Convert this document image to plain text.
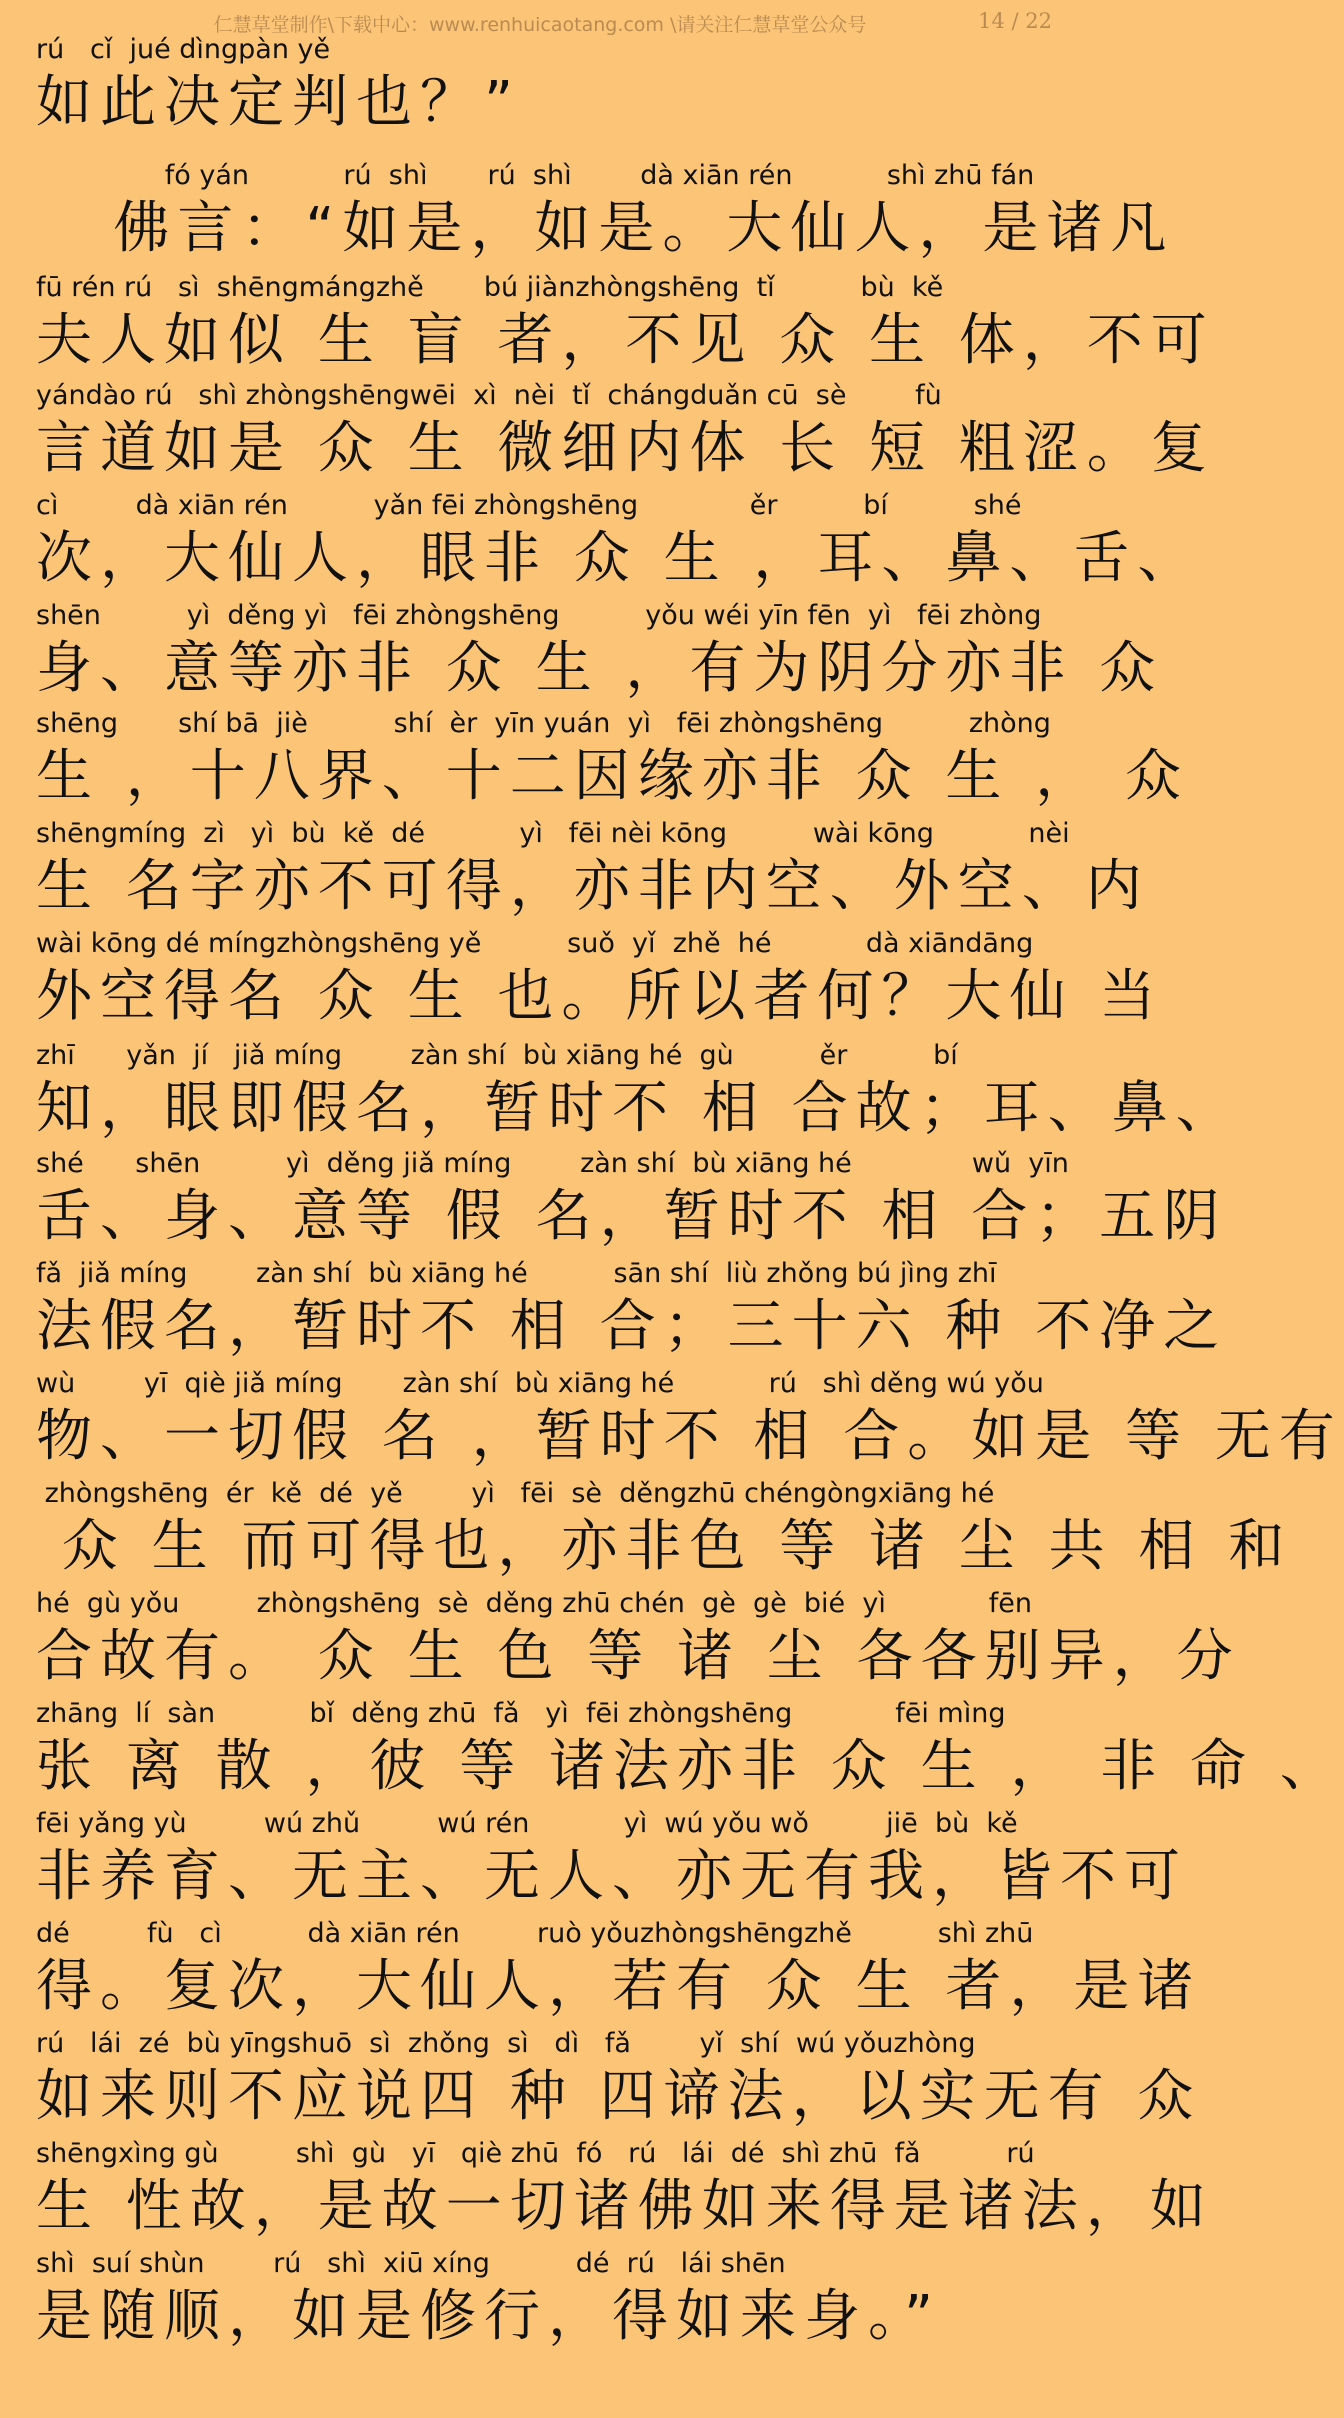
仁慧草堂制作\下载中心：www.renhuicaotang.com \请关注仁慧草堂公众号	14 / 22
rú   cǐ  jué dìngpàn yě
如此决定判也？”
fó yán           rú  shì       rú  shì        dà xiān rén           shì zhū fán
佛言：“如是，如是。大仙人，是诸凡
fū rén rú   sì  shēngmángzhě       bú jiànzhòngshēng  tǐ          bù  kě
夫人如似 生 盲 者，不见 众 生 体，不可
yándào rú   shì zhòngshēngwēi  xì  nèi  tǐ  chángduǎn cū  sè        fù
言道如是 众 生 微细内体 长 短 粗涩。复
cì         dà xiān rén          yǎn fēi zhòngshēng             ěr          bí          shé
次，大仙人，眼非 众 生 ，耳、鼻、舌、
shēn          yì  děng yì   fēi zhòngshēng          yǒu wéi yīn fēn  yì   fēi zhòng
身、意等亦非 众 生 ，有为阴分亦非 众
shēng       shí bā  jiè          shí  èr  yīn yuán  yì   fēi zhòngshēng          zhòng
生 ，十八界、十二因缘亦非 众 生 ， 众
shēngmíng  zì   yì  bù  kě  dé           yì   fēi nèi kōng          wài kōng           nèi
生 名字亦不可得，亦非内空、外空、内
wài kōng dé míngzhòngshēng yě          suǒ  yǐ  zhě  hé           dà xiāndāng
外空得名 众 生 也。所以者何？大仙 当
zhī      yǎn  jí   jiǎ míng        zàn shí  bù xiāng hé  gù          ěr          bí
知，眼即假名，暂时不 相 合故；耳、鼻、
shé      shēn          yì  děng jiǎ míng        zàn shí  bù xiāng hé              wǔ  yīn
舌、身、意等 假 名，暂时不 相 合；五阴
fǎ  jiǎ míng        zàn shí  bù xiāng hé          sān shí  liù zhǒng bú jìng zhī
法假名，暂时不 相 合；三十六 种 不净之
wù        yī  qiè jiǎ míng       zàn shí  bù xiāng hé           rú   shì děng wú yǒu
物、一切假 名 ，暂时不 相 合。如是 等 无有
zhòngshēng  ér  kě  dé  yě        yì   fēi  sè  děngzhū chéngòngxiāng hé
众 生 而可得也，亦非色 等 诸 尘 共 相 和
hé  gù yǒu         zhòngshēng  sè  děng zhū chén  gè  gè  bié  yì            fēn
合故有。 众 生 色 等 诸 尘 各各别异，分
zhāng  lí  sàn           bǐ  děng zhū  fǎ   yì  fēi zhòngshēng            fēi mìng
张 离 散 ，彼 等 诸法亦非 众 生 ， 非 命 、
fēi yǎng yù         wú zhǔ         wú rén           yì  wú yǒu wǒ         jiē  bù  kě
非养育、无主、无人、亦无有我，皆不可
dé         fù   cì          dà xiān rén         ruò yǒuzhòngshēngzhě          shì zhū
得。复次，大仙人，若有 众 生 者，是诸
rú   lái  zé  bù yīngshuō  sì  zhǒng  sì   dì   fǎ        yǐ  shí  wú yǒuzhòng
如来则不应说四 种 四谛法，以实无有 众
shēngxìng gù         shì  gù   yī   qiè zhū  fó   rú   lái  dé  shì zhū  fǎ          rú
生 性故，是故一切诸佛如来得是诸法，如
shì  suí shùn        rú   shì  xiū xíng          dé  rú   lái shēn
是随顺，如是修行，得如来身。”
